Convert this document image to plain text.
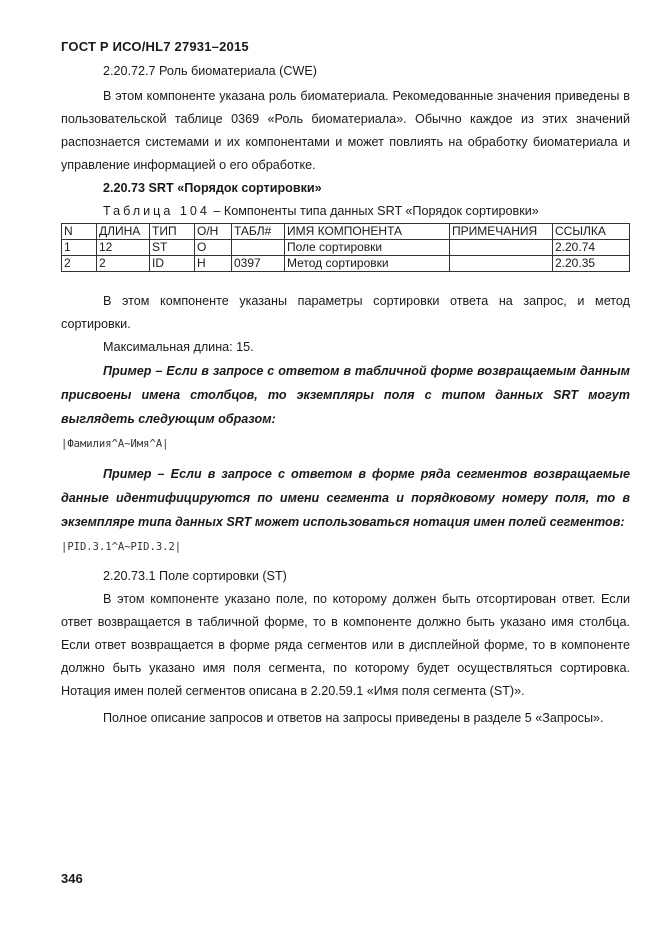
ГОСТ Р ИСО/HL7 27931–2015

2.20.72.7 Роль биоматериала (CWE)

В этом компоненте указана роль биоматериала. Рекомедованные значения приведены в пользовательской таблице 0369 «Роль биоматериала». Обычно каждое из этих значений распознается системами и их компонентами и может повлиять на обработку биоматериала и управление информацией о его обработке.

2.20.73 SRT «Порядок сортировки»

Таблица 104 – Компоненты типа данных SRT «Порядок сортировки»

N	ДЛИНА	ТИП	О/Н	ТАБЛ#	ИМЯ КОМПОНЕНТА	ПРИМЕЧАНИЯ	ССЫЛКА
1	12	ST	O		Поле сортировки		2.20.74
2	2	ID	H	0397	Метод сортировки		2.20.35

В этом компоненте указаны параметры сортировки ответа на запрос, и метод сортировки.

Максимальная длина: 15.

Пример – Если в запросе с ответом в табличной форме возвращаемым данным присвоены имена столбцов, то экземпляры поля с типом данных SRT могут выглядеть следующим образом:

|Фамилия^A~Имя^A|

Пример – Если в запросе с ответом в форме ряда сегментов возвращаемые данные идентифицируются по имени сегмента и порядковому номеру поля, то в экземпляре типа данных SRT может использоваться нотация имен полей сегментов:

|PID.3.1^A~PID.3.2|

2.20.73.1 Поле сортировки (ST)

В этом компоненте указано поле, по которому должен быть отсортирован ответ. Если ответ возвращается в табличной форме, то в компоненте должно быть указано имя столбца. Если ответ возвращается в форме ряда сегментов или в дисплейной форме, то в компоненте должно быть указано имя поля сегмента, по которому будет осуществляться сортировка. Нотация имен полей сегментов описана в 2.20.59.1 «Имя поля сегмента (ST)».

Полное описание запросов и ответов на запросы приведены в разделе 5 «Запросы».

346
